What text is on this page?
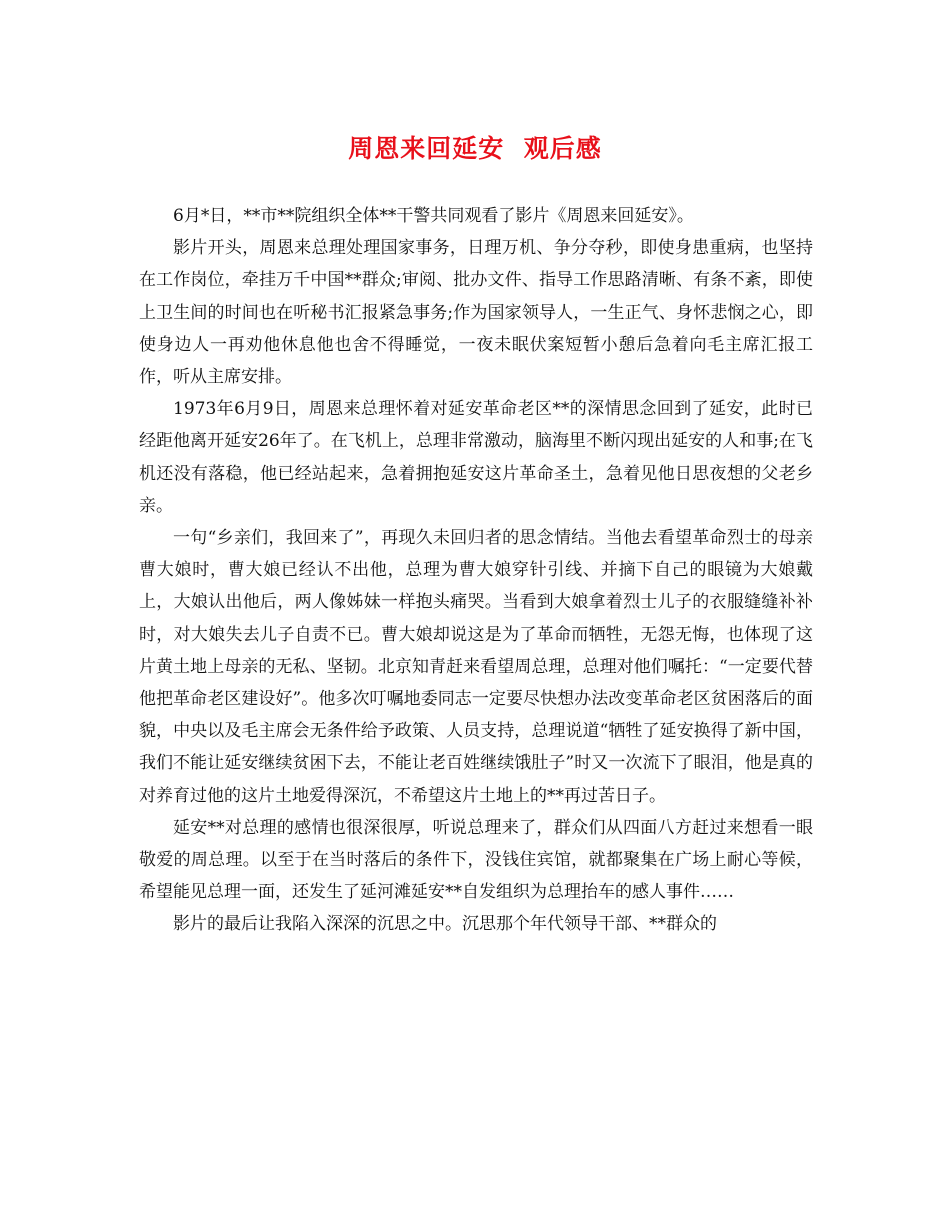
周恩来回延安  观后感

6月*日，**市**院组织全体**干警共同观看了影片《周恩来回延安》。

影片开头，周恩来总理处理国家事务，日理万机、争分夺秒，即使身患重病，也坚持在工作岗位，牵挂万千中国**群众;审阅、批办文件、指导工作思路清晰、有条不紊，即使上卫生间的时间也在听秘书汇报紧急事务;作为国家领导人，一生正气、身怀悲悯之心，即使身边人一再劝他休息他也舍不得睡觉，一夜未眠伏案短暂小憩后急着向毛主席汇报工作，听从主席安排。

1973年6月9日，周恩来总理怀着对延安革命老区**的深情思念回到了延安，此时已经距他离开延安26年了。在飞机上，总理非常激动，脑海里不断闪现出延安的人和事;在飞机还没有落稳，他已经站起来，急着拥抱延安这片革命圣土，急着见他日思夜想的父老乡亲。

一句“乡亲们，我回来了”，再现久未回归者的思念情结。当他去看望革命烈士的母亲曹大娘时，曹大娘已经认不出他，总理为曹大娘穿针引线、并摘下自己的眼镜为大娘戴上，大娘认出他后，两人像姊妹一样抱头痛哭。当看到大娘拿着烈士儿子的衣服缝缝补补时，对大娘失去儿子自责不已。曹大娘却说这是为了革命而牺牲，无怨无悔，也体现了这片黄土地上母亲的无私、坚韧。北京知青赶来看望周总理，总理对他们嘱托：“一定要代替他把革命老区建设好”。他多次叮嘱地委同志一定要尽快想办法改变革命老区贫困落后的面貌，中央以及毛主席会无条件给予政策、人员支持，总理说道“牺牲了延安换得了新中国，我们不能让延安继续贫困下去，不能让老百姓继续饿肚子”时又一次流下了眼泪，他是真的对养育过他的这片土地爱得深沉，不希望这片土地上的**再过苦日子。

延安**对总理的感情也很深很厚，听说总理来了，群众们从四面八方赶过来想看一眼敬爱的周总理。以至于在当时落后的条件下，没钱住宾馆，就都聚集在广场上耐心等候，希望能见总理一面，还发生了延河滩延安**自发组织为总理抬车的感人事件……

影片的最后让我陷入深深的沉思之中。沉思那个年代领导干部、**群众的
